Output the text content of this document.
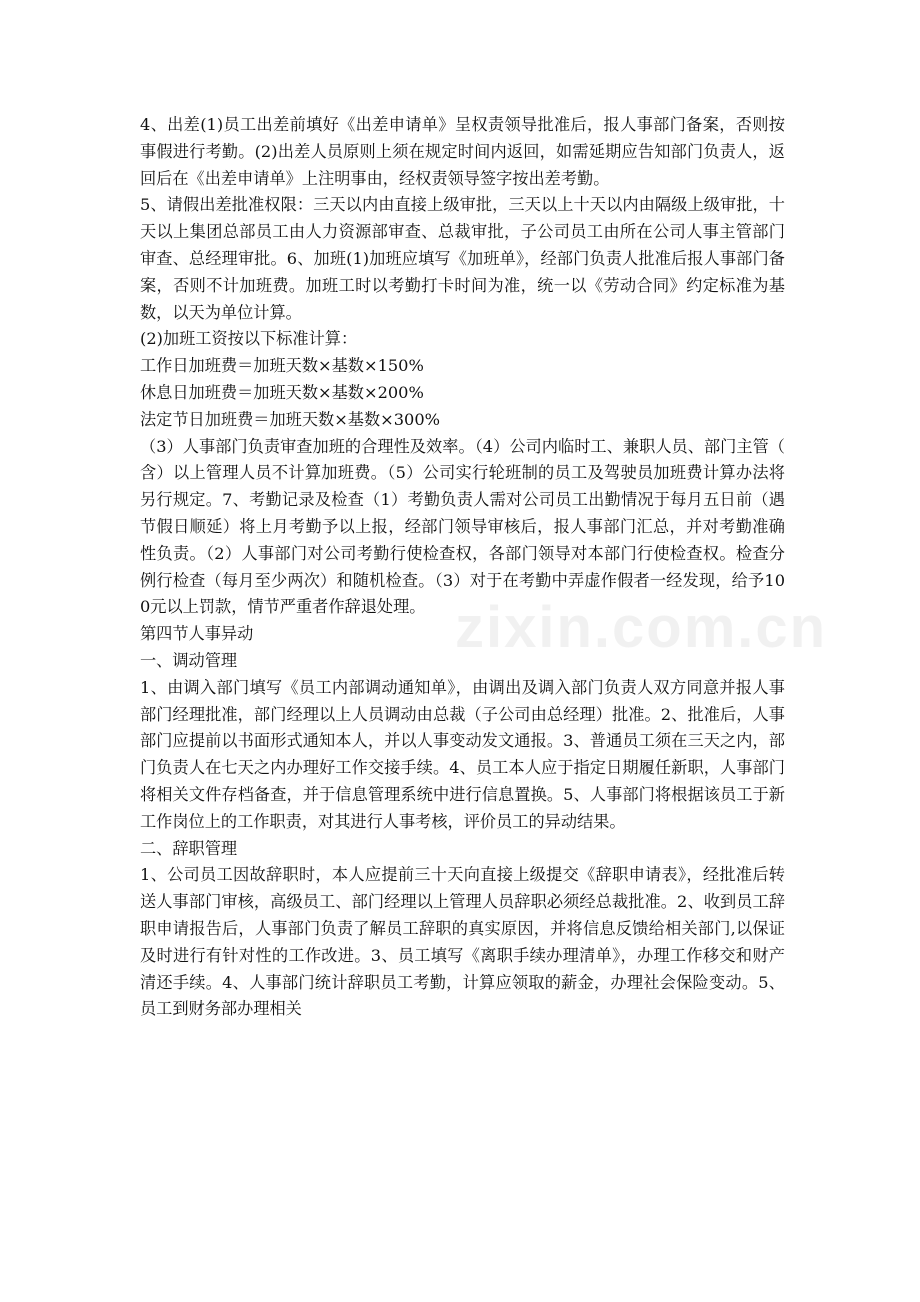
4、出差(1)员工出差前填好《出差申请单》呈权责领导批准后，报人事部门备案，否则按事假进行考勤。(2)出差人员原则上须在规定时间内返回，如需延期应告知部门负责人，返回后在《出差申请单》上注明事由，经权责领导签字按出差考勤。

5、请假出差批准权限：三天以内由直接上级审批，三天以上十天以内由隔级上级审批，十天以上集团总部员工由人力资源部审查、总裁审批，子公司员工由所在公司人事主管部门审查、总经理审批。6、加班(1)加班应填写《加班单》，经部门负责人批准后报人事部门备案，否则不计加班费。加班工时以考勤打卡时间为准，统一以《劳动合同》约定标准为基数，以天为单位计算。

(2)加班工资按以下标准计算：

工作日加班费＝加班天数×基数×150%

休息日加班费＝加班天数×基数×200%

法定节日加班费＝加班天数×基数×300%

（3）人事部门负责审查加班的合理性及效率。（4）公司内临时工、兼职人员、部门主管（含）以上管理人员不计算加班费。（5）公司实行轮班制的员工及驾驶员加班费计算办法将另行规定。7、考勤记录及检查（1）考勤负责人需对公司员工出勤情况于每月五日前（遇节假日顺延）将上月考勤予以上报，经部门领导审核后，报人事部门汇总，并对考勤准确性负责。（2）人事部门对公司考勤行使检查权，各部门领导对本部门行使检查权。检查分例行检查（每月至少两次）和随机检查。（3）对于在考勤中弄虚作假者一经发现，给予100元以上罚款，情节严重者作辞退处理。

第四节人事异动

一、调动管理

1、由调入部门填写《员工内部调动通知单》，由调出及调入部门负责人双方同意并报人事部门经理批准，部门经理以上人员调动由总裁（子公司由总经理）批准。2、批准后，人事部门应提前以书面形式通知本人，并以人事变动发文通报。3、普通员工须在三天之内，部门负责人在七天之内办理好工作交接手续。4、员工本人应于指定日期履任新职，人事部门将相关文件存档备查，并于信息管理系统中进行信息置换。5、人事部门将根据该员工于新工作岗位上的工作职责，对其进行人事考核，评价员工的异动结果。

二、辞职管理

1、公司员工因故辞职时，本人应提前三十天向直接上级提交《辞职申请表》，经批准后转送人事部门审核，高级员工、部门经理以上管理人员辞职必须经总裁批准。2、收到员工辞职申请报告后，人事部门负责了解员工辞职的真实原因，并将信息反馈给相关部门,以保证及时进行有针对性的工作改进。3、员工填写《离职手续办理清单》，办理工作移交和财产清还手续。4、人事部门统计辞职员工考勤，计算应领取的薪金，办理社会保险变动。5、员工到财务部办理相关

zixin.com.cn
